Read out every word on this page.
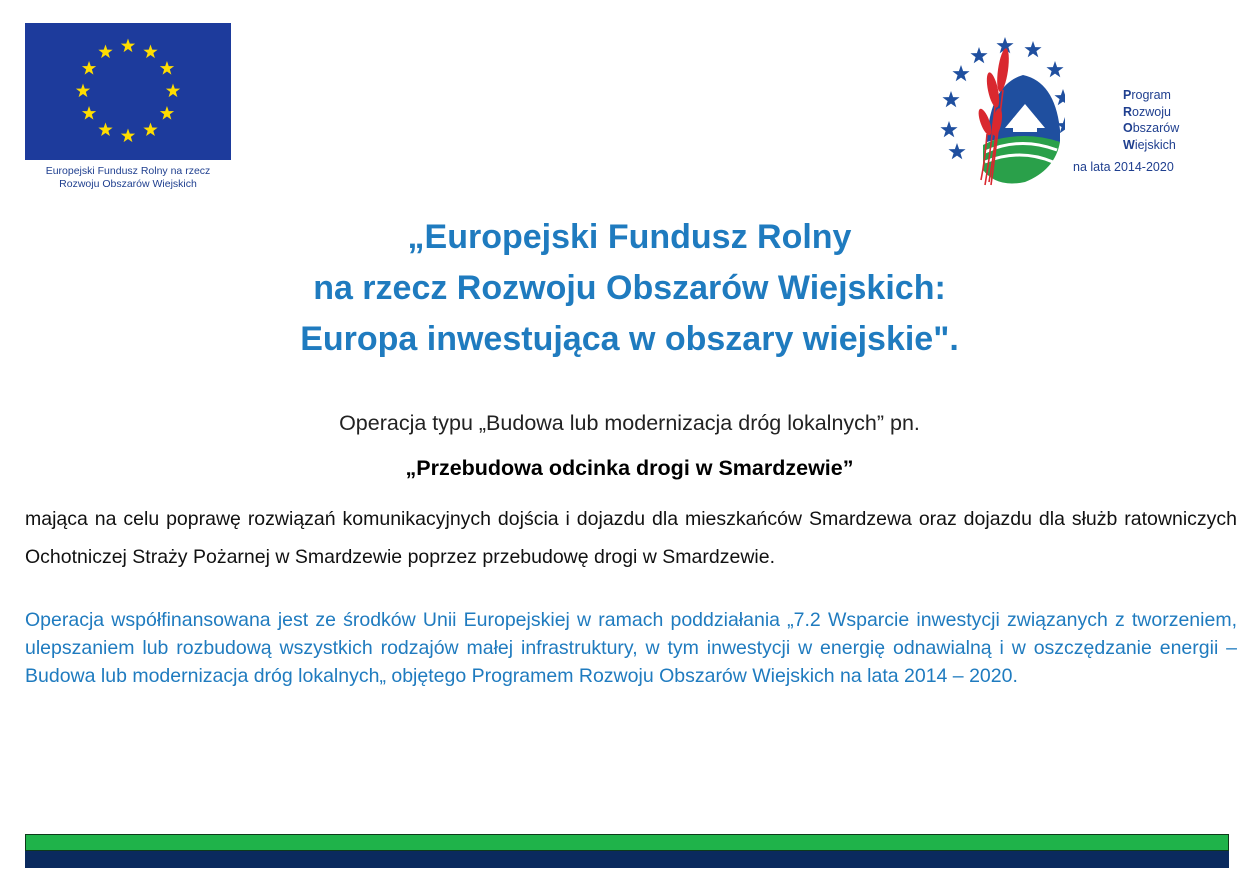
Europejski Fundusz Rolny na rzecz
Rozwoju Obszarów Wiejskich
Program
Rozwoju
Obszarów
Wiejskich
na lata 2014-2020
„Europejski Fundusz Rolny
na rzecz Rozwoju Obszarów Wiejskich:
Europa inwestująca w obszary wiejskie".
Operacja typu „Budowa lub modernizacja dróg lokalnych” pn.
„Przebudowa odcinka drogi w Smardzewie”
mająca na celu poprawę rozwiązań komunikacyjnych dojścia i dojazdu dla mieszkańców Smardzewa oraz dojazdu dla służb ratowniczych Ochotniczej Straży Pożarnej w Smardzewie poprzez przebudowę drogi w Smardzewie.
Operacja współfinansowana jest ze środków Unii Europejskiej w ramach poddziałania „7.2 Wsparcie inwestycji związanych z tworzeniem, ulepszaniem lub rozbudową wszystkich rodzajów małej infrastruktury, w tym inwestycji w energię odnawialną i w oszczędzanie energii – Budowa lub modernizacja dróg lokalnych„ objętego Programem Rozwoju Obszarów Wiejskich na lata 2014 – 2020.
